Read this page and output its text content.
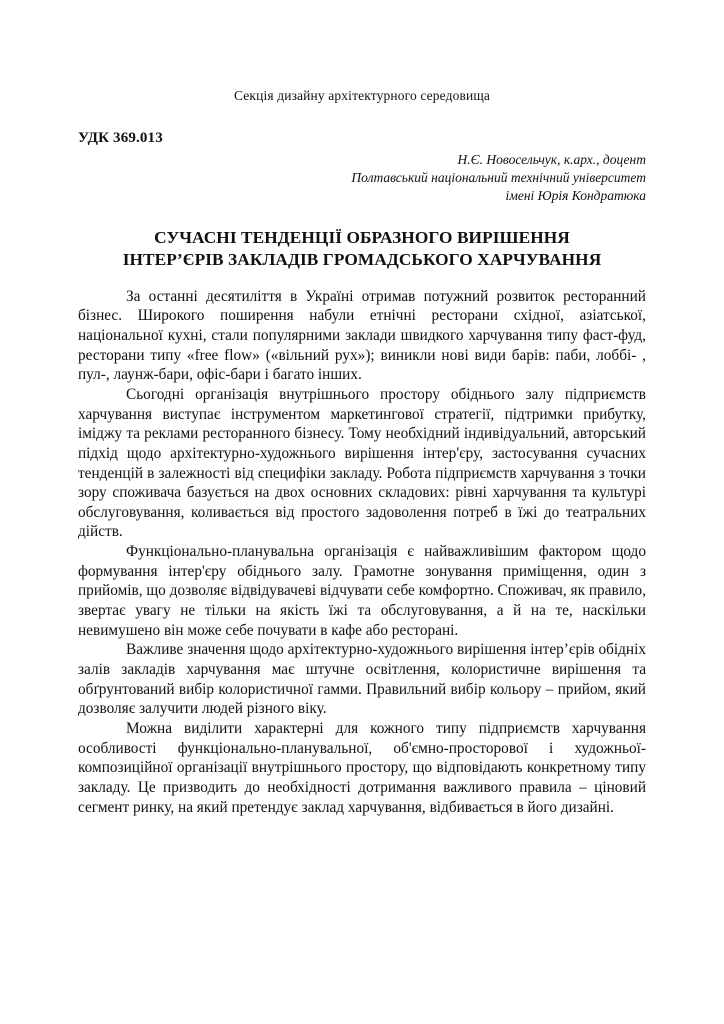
Секція дизайну архітектурного середовища
УДК 369.013
Н.Є. Новосельчук, к.арх., доцент
Полтавський національний технічний університет
імені Юрія Кондратюка
СУЧАСНІ ТЕНДЕНЦІЇ ОБРАЗНОГО ВИРІШЕННЯ
ІНТЕР’ЄРІВ ЗАКЛАДІВ ГРОМАДСЬКОГО ХАРЧУВАННЯ

За останні десятиліття в Україні отримав потужний розвиток ресторанний бізнес. Широкого поширення набули етнічні ресторани східної, азіатської, національної кухні, стали популярними заклади швидкого харчування типу фаст-фуд, ресторани типу «free flow» («вільний рух»); виникли нові види барів: паби, лоббі- , пул-, лаунж-бари, офіс-бари і багато інших.

Сьогодні організація внутрішнього простору обіднього залу підприємств харчування виступає інструментом маркетингової стратегії, підтримки прибутку, іміджу та реклами ресторанного бізнесу. Тому необхідний індивідуальний, авторський підхід щодо архітектурно-художнього вирішення інтер'єру, застосування сучасних тенденцій в залежності від специфіки закладу. Робота підприємств харчування з точки зору споживача базується на двох основних складових: рівні харчування та культурі обслуговування, коливається від простого задоволення потреб в їжі до театральних дійств.

Функціонально-планувальна організація є найважливішим фактором щодо формування інтер'єру обіднього залу. Грамотне зонування приміщення, один з прийомів, що дозволяє відвідувачеві відчувати себе комфортно. Споживач, як правило, звертає увагу не тільки на якість їжі та обслуговування, а й на те, наскільки невимушено він може себе почувати в кафе або ресторані.

Важливе значення щодо архітектурно-художнього вирішення інтер’єрів обідніх залів закладів харчування має штучне освітлення, колористичне вирішення та обґрунтований вибір колористичної гамми. Правильний вибір кольору – прийом, який дозволяє залучити людей різного віку.

Можна виділити характерні для кожного типу підприємств харчування особливості функціонально-планувальної, об'ємно-просторової і художньої-композиційної організації внутрішнього простору, що відповідають конкретному типу закладу. Це призводить до необхідності дотримання важливого правила – ціновий сегмент ринку, на який претендує заклад харчування, відбивається в його дизайні.
